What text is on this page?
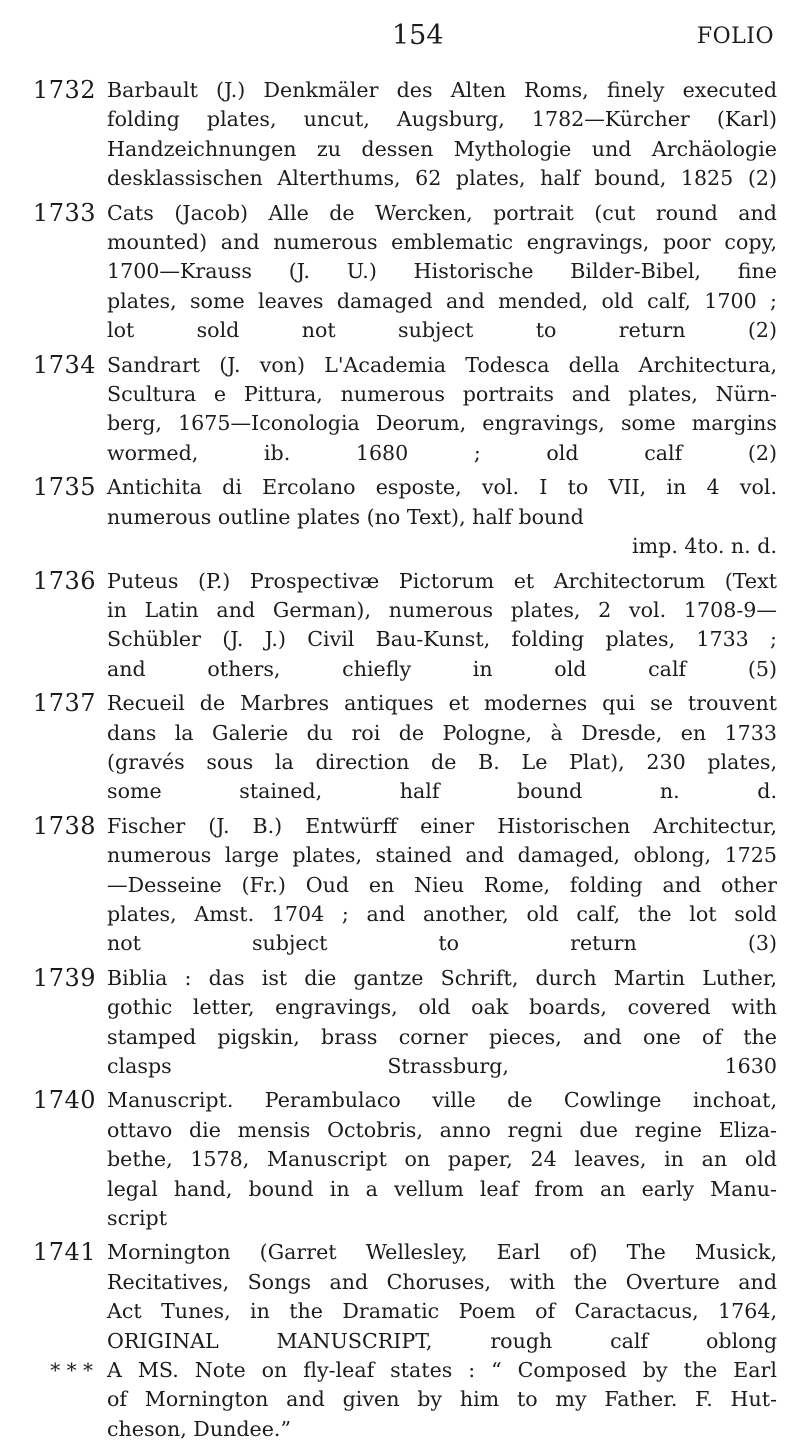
154	FOLIO
1732 Barbault (J.) Denkmäler des Alten Roms, finely executed
folding plates, uncut, Augsburg, 1782—Kürcher (Karl)
Handzeichnungen zu dessen Mythologie und Archäologie
desklassischen Alterthums, 62 plates, half bound, 1825 (2)
1733 Cats (Jacob) Alle de Wercken, portrait (cut round and
mounted) and numerous emblematic engravings, poor copy,
1700—Krauss (J. U.) Historische Bilder-Bibel, fine
plates, some leaves damaged and mended, old calf, 1700 ;
lot sold not subject to return (2)
1734 Sandrart (J. von) L'Academia Todesca della Architectura,
Scultura e Pittura, numerous portraits and plates, Nürn-
berg, 1675—Iconologia Deorum, engravings, some margins
wormed, ib. 1680 ; old calf (2)
1735 Antichita di Ercolano esposte, vol. I to VII, in 4 vol.
numerous outline plates (no Text), half bound
imp. 4to. n. d.
1736 Puteus (P.) Prospectivæ Pictorum et Architectorum (Text
in Latin and German), numerous plates, 2 vol. 1708-9—
Schübler (J. J.) Civil Bau-Kunst, folding plates, 1733 ;
and others, chiefly in old calf (5)
1737 Recueil de Marbres antiques et modernes qui se trouvent
dans la Galerie du roi de Pologne, à Dresde, en 1733
(gravés sous la direction de B. Le Plat), 230 plates,
some stained, half bound n. d.
1738 Fischer (J. B.) Entwürff einer Historischen Architectur,
numerous large plates, stained and damaged, oblong, 1725
—Desseine (Fr.) Oud en Nieu Rome, folding and other
plates, Amst. 1704 ; and another, old calf, the lot sold
not subject to return (3)
1739 Biblia : das ist die gantze Schrift, durch Martin Luther,
gothic letter, engravings, old oak boards, covered with
stamped pigskin, brass corner pieces, and one of the
clasps Strassburg, 1630
1740 Manuscript. Perambulaco ville de Cowlinge inchoat,
ottavo die mensis Octobris, anno regni due regine Eliza-
bethe, 1578, Manuscript on paper, 24 leaves, in an old
legal hand, bound in a vellum leaf from an early Manu-
script
1741 Mornington (Garret Wellesley, Earl of) The Musick,
Recitatives, Songs and Choruses, with the Overture and
Act Tunes, in the Dramatic Poem of Caractacus, 1764,
ORIGINAL MANUSCRIPT, rough calf oblong
* * * A MS. Note on fly-leaf states : “ Composed by the Earl
of Mornington and given by him to my Father. F. Hut-
cheson, Dundee.”
